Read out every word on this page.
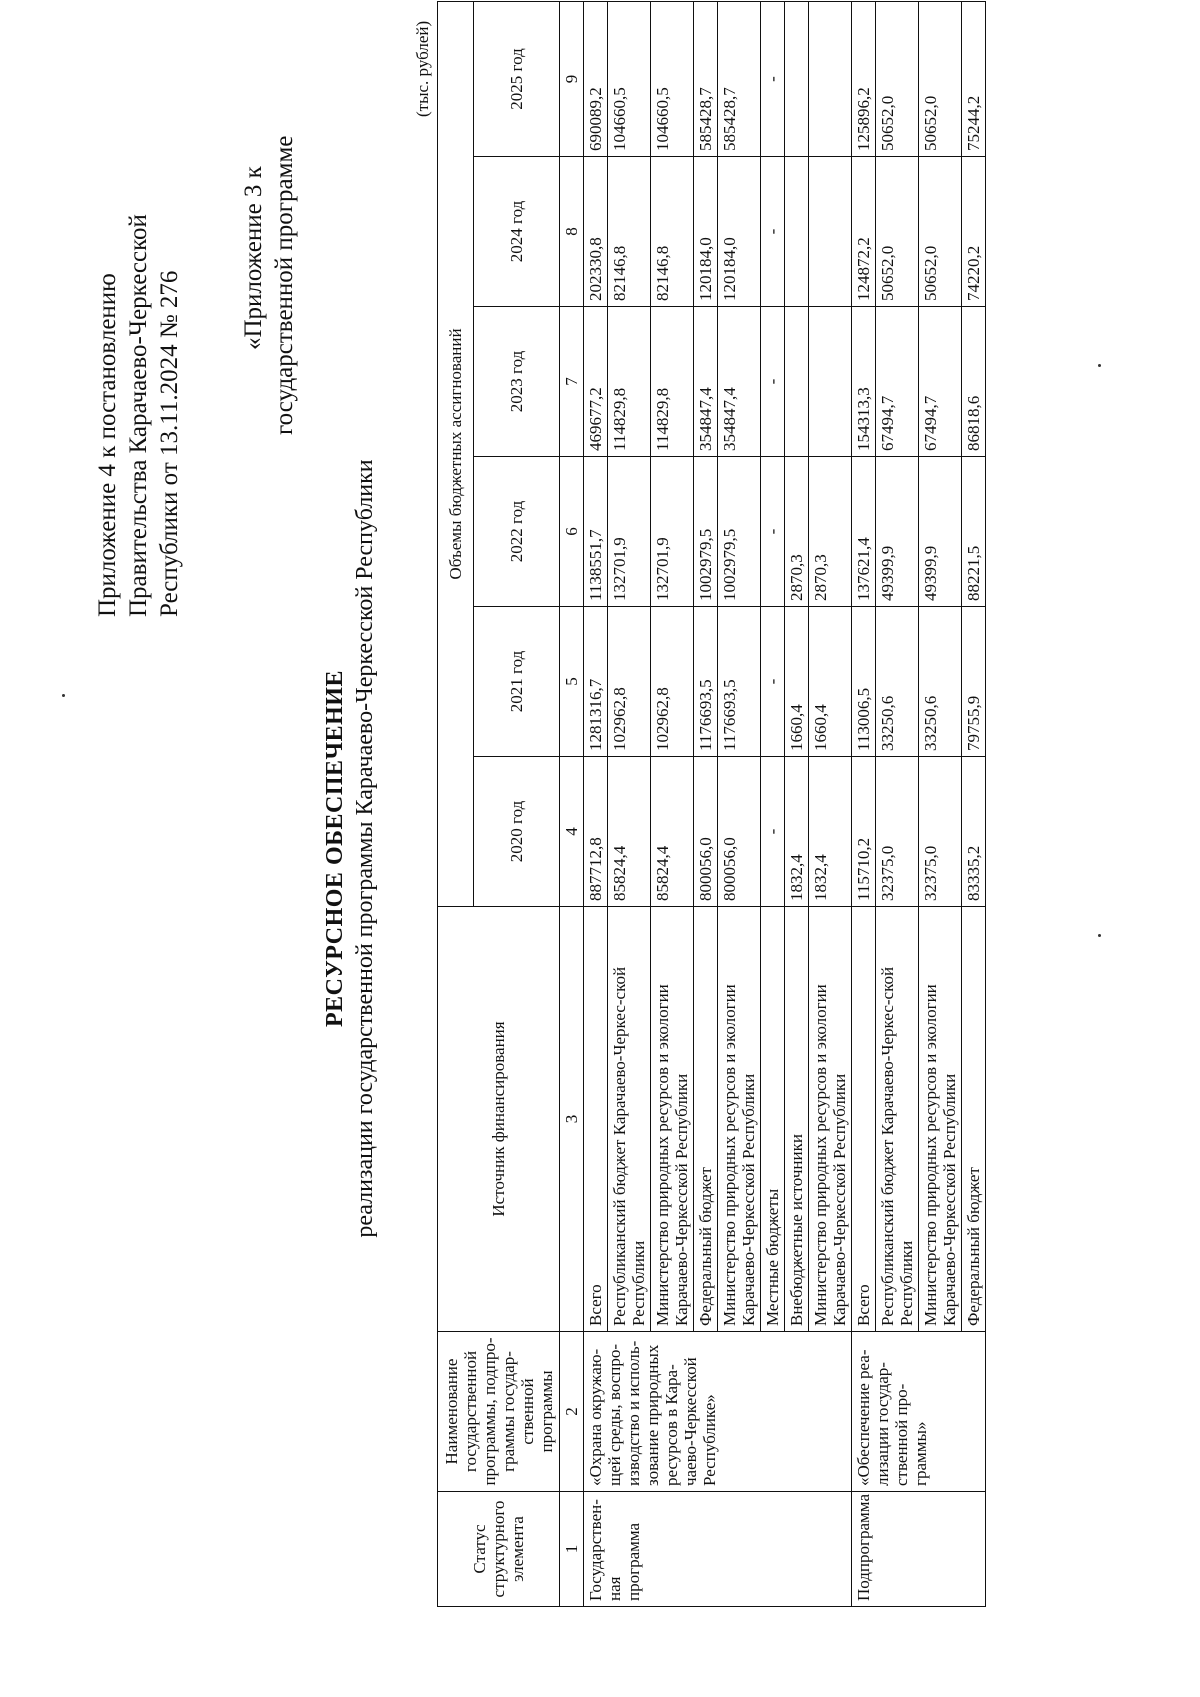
Приложение 4 к постановлению Правительства Карачаево-Черкесской Республики от 13.11.2024 № 276
«Приложение 3 к государственной программе
РЕСУРСНОЕ ОБЕСПЕЧЕНИЕ реализации государственной программы Карачаево-Черкесской Республики
(тыс. рублей)
Статус структурного элемента	Наименование государственной программы, подпро-граммы государ-ственной программы	Источник финансирования	Объемы бюджетных ассигнований					
			2020 год	2021 год	2022 год	2023 год	2024 год	2025 год
1	2	3	4	5	6	7	8	9
Государствен-ная программа	«Охрана окружаю-щей среды, воспро-изводство и исполь-зование природных ресурсов в Кара-чаево-Черкесской Республике»	Всего	887712,8	1281316,7	1138551,7	469677,2	202330,8	690089,2
		Республиканский бюджет Карачаево-Черкес-ской Республики	85824,4	102962,8	132701,9	114829,8	82146,8	104660,5
		Министерство природных ресурсов и экологии Карачаево-Черкесской Республики	85824,4	102962,8	132701,9	114829,8	82146,8	104660,5
		Федеральный бюджет	800056,0	1176693,5	1002979,5	354847,4	120184,0	585428,7
		Министерство природных ресурсов и экологии Карачаево-Черкесской Республики	800056,0	1176693,5	1002979,5	354847,4	120184,0	585428,7
		Местные бюджеты	-	-	-	-	-	-
		Внебюджетные источники	1832,4	1660,4	2870,3			
		Министерство природных ресурсов и экологии Карачаево-Черкесской Республики	1832,4	1660,4	2870,3			
Подпрограмма	«Обеспечение реа-лизации государ-ственной про-граммы»	Всего	115710,2	113006,5	137621,4	154313,3	124872,2	125896,2
		Республиканский бюджет Карачаево-Черкес-ской Республики	32375,0	33250,6	49399,9	67494,7	50652,0	50652,0
		Министерство природных ресурсов и экологии Карачаево-Черкесской Республики	32375,0	33250,6	49399,9	67494,7	50652,0	50652,0
		Федеральный бюджет	83335,2	79755,9	88221,5	86818,6	74220,2	75244,2
